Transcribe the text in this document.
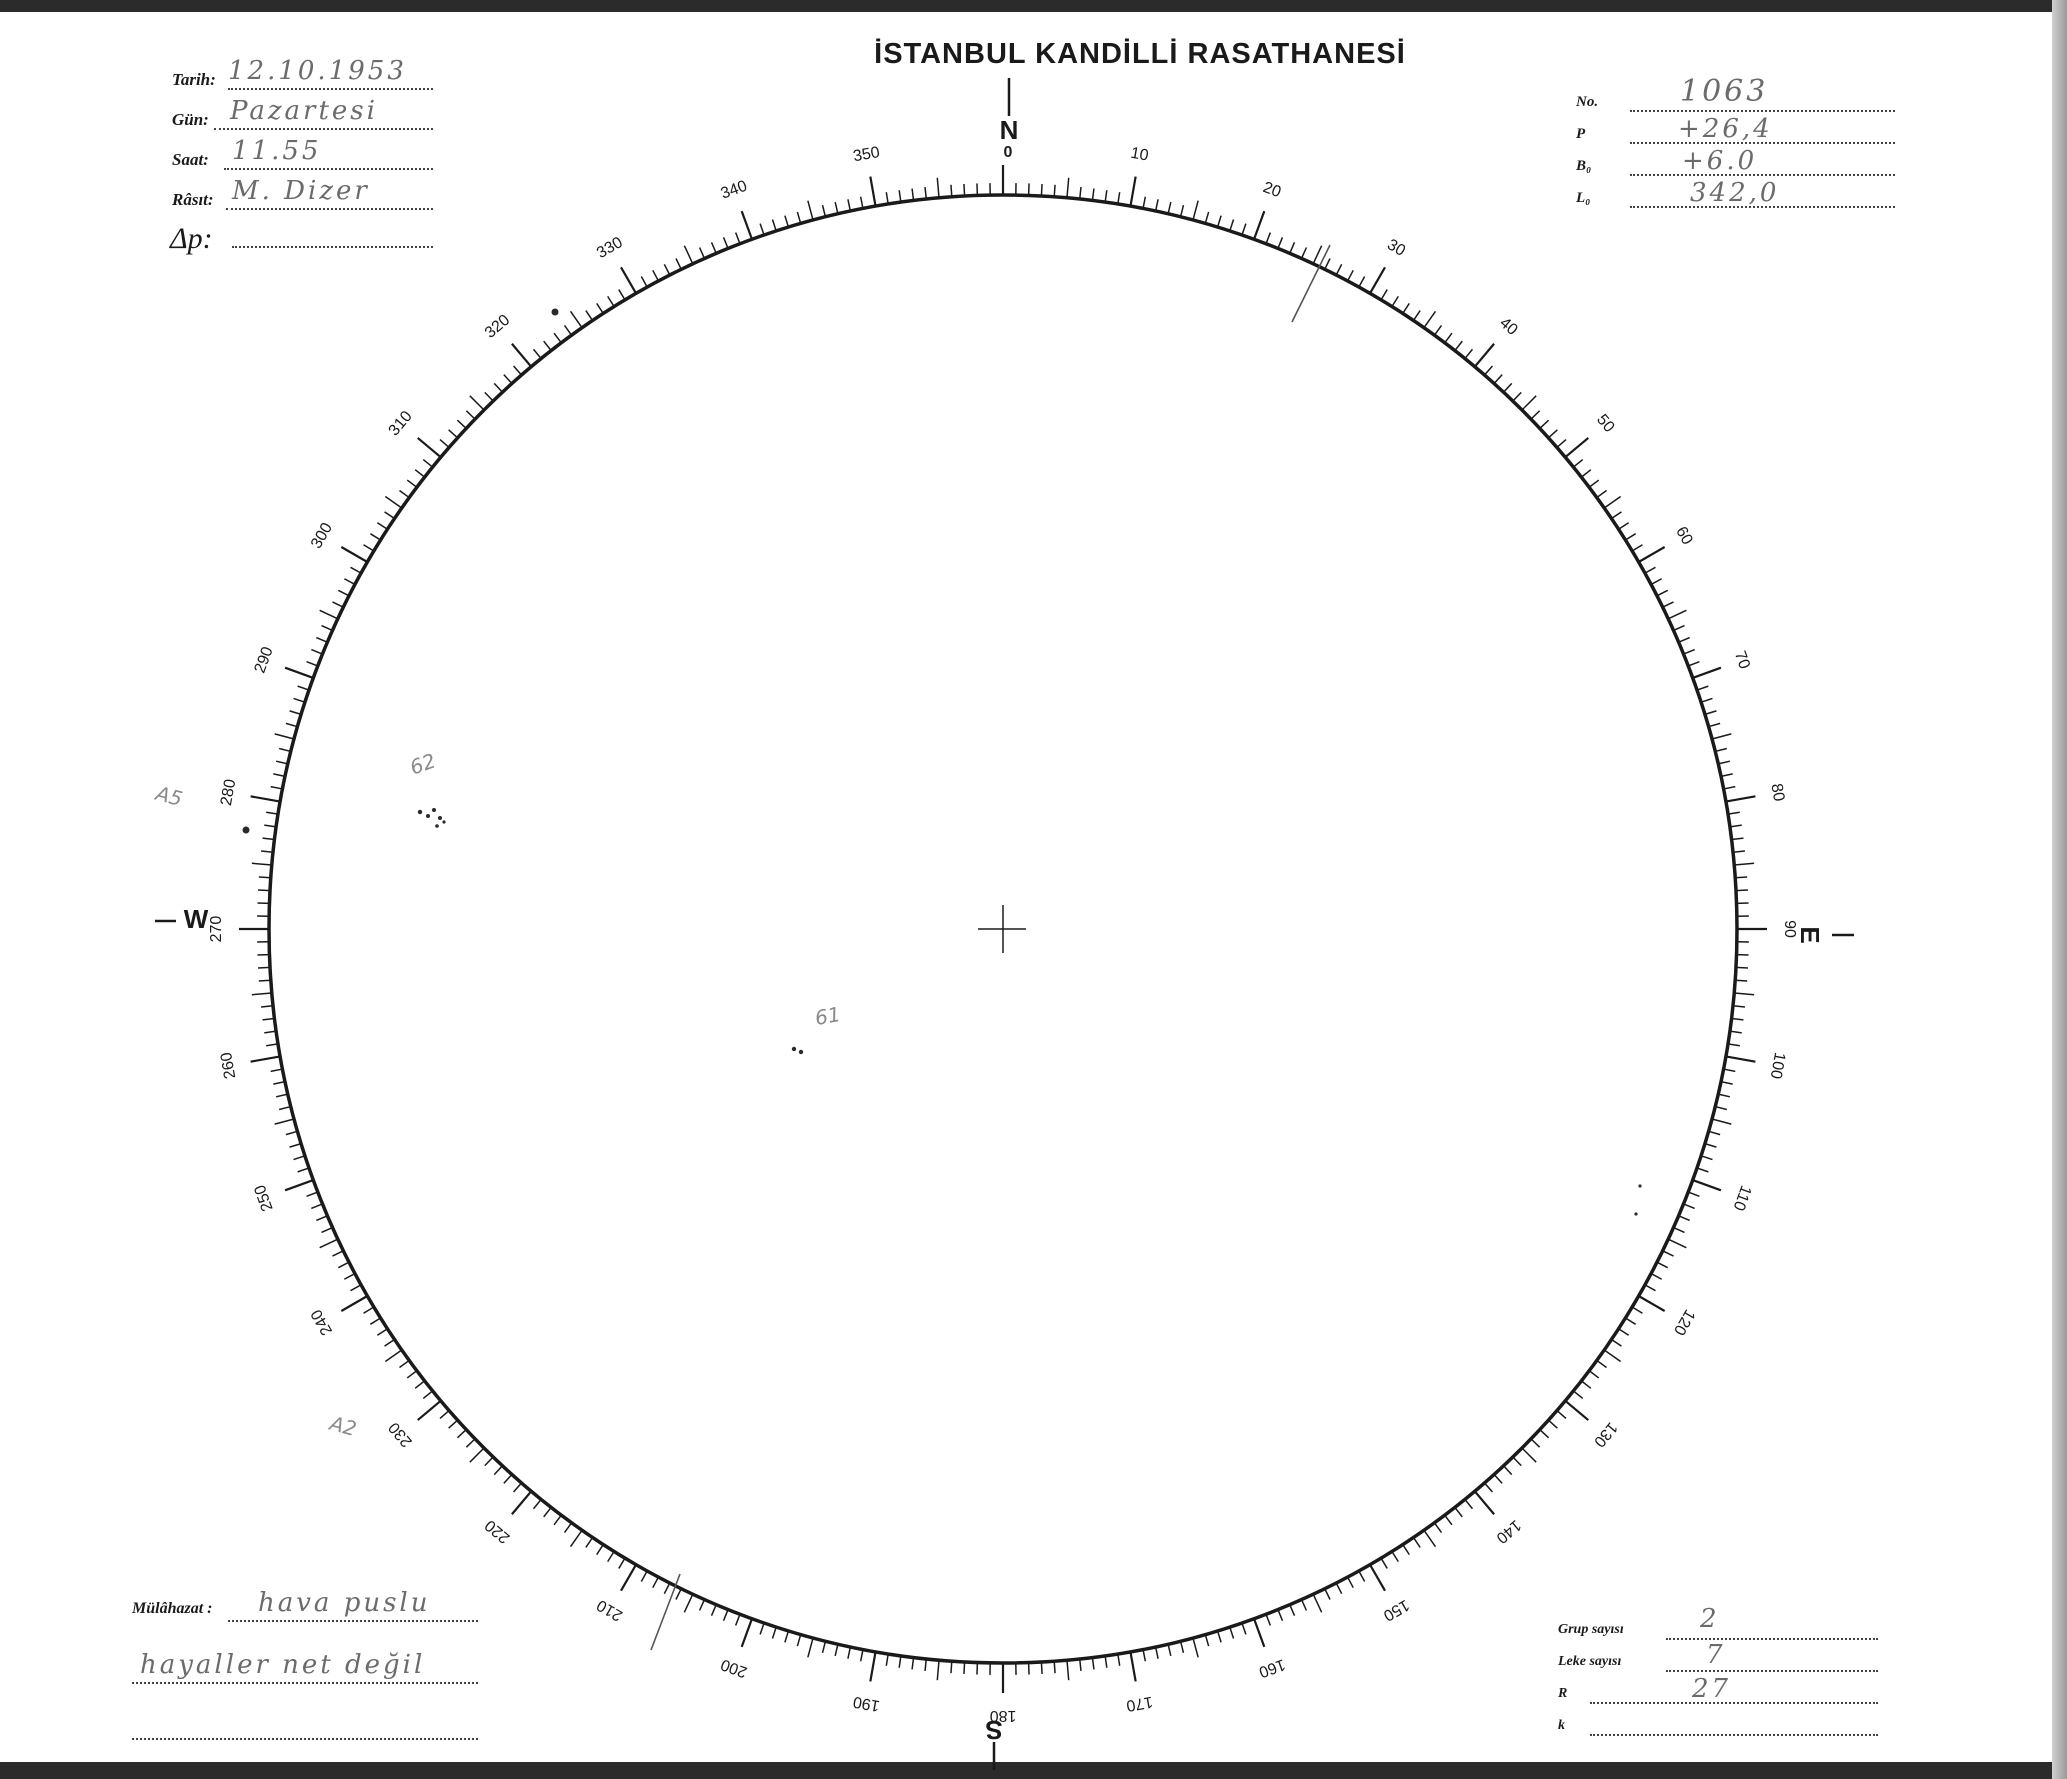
İSTANBUL KANDİLLİ RASATHANESİ
Tarih: 12.10.1953
Gün: Pazartesi
Saat: 11.55
Râsıt: M. Dizer
Δp:
No.	1063
P	+26,4
B₀	+6.0
L₀	342,0
N
0
S
W
E
10
20
30
40
50
60
70
80
90
100
110
120
130
140
150
160
170
180
190
200
210
220
230
240
250
260
270
280
290
300
310
320
330
340
350
62
61
A5
A2
Mülâhazat : hava puslu
hayaller net değil
Grup sayısı	2
Leke sayısı	7
R	27
k
